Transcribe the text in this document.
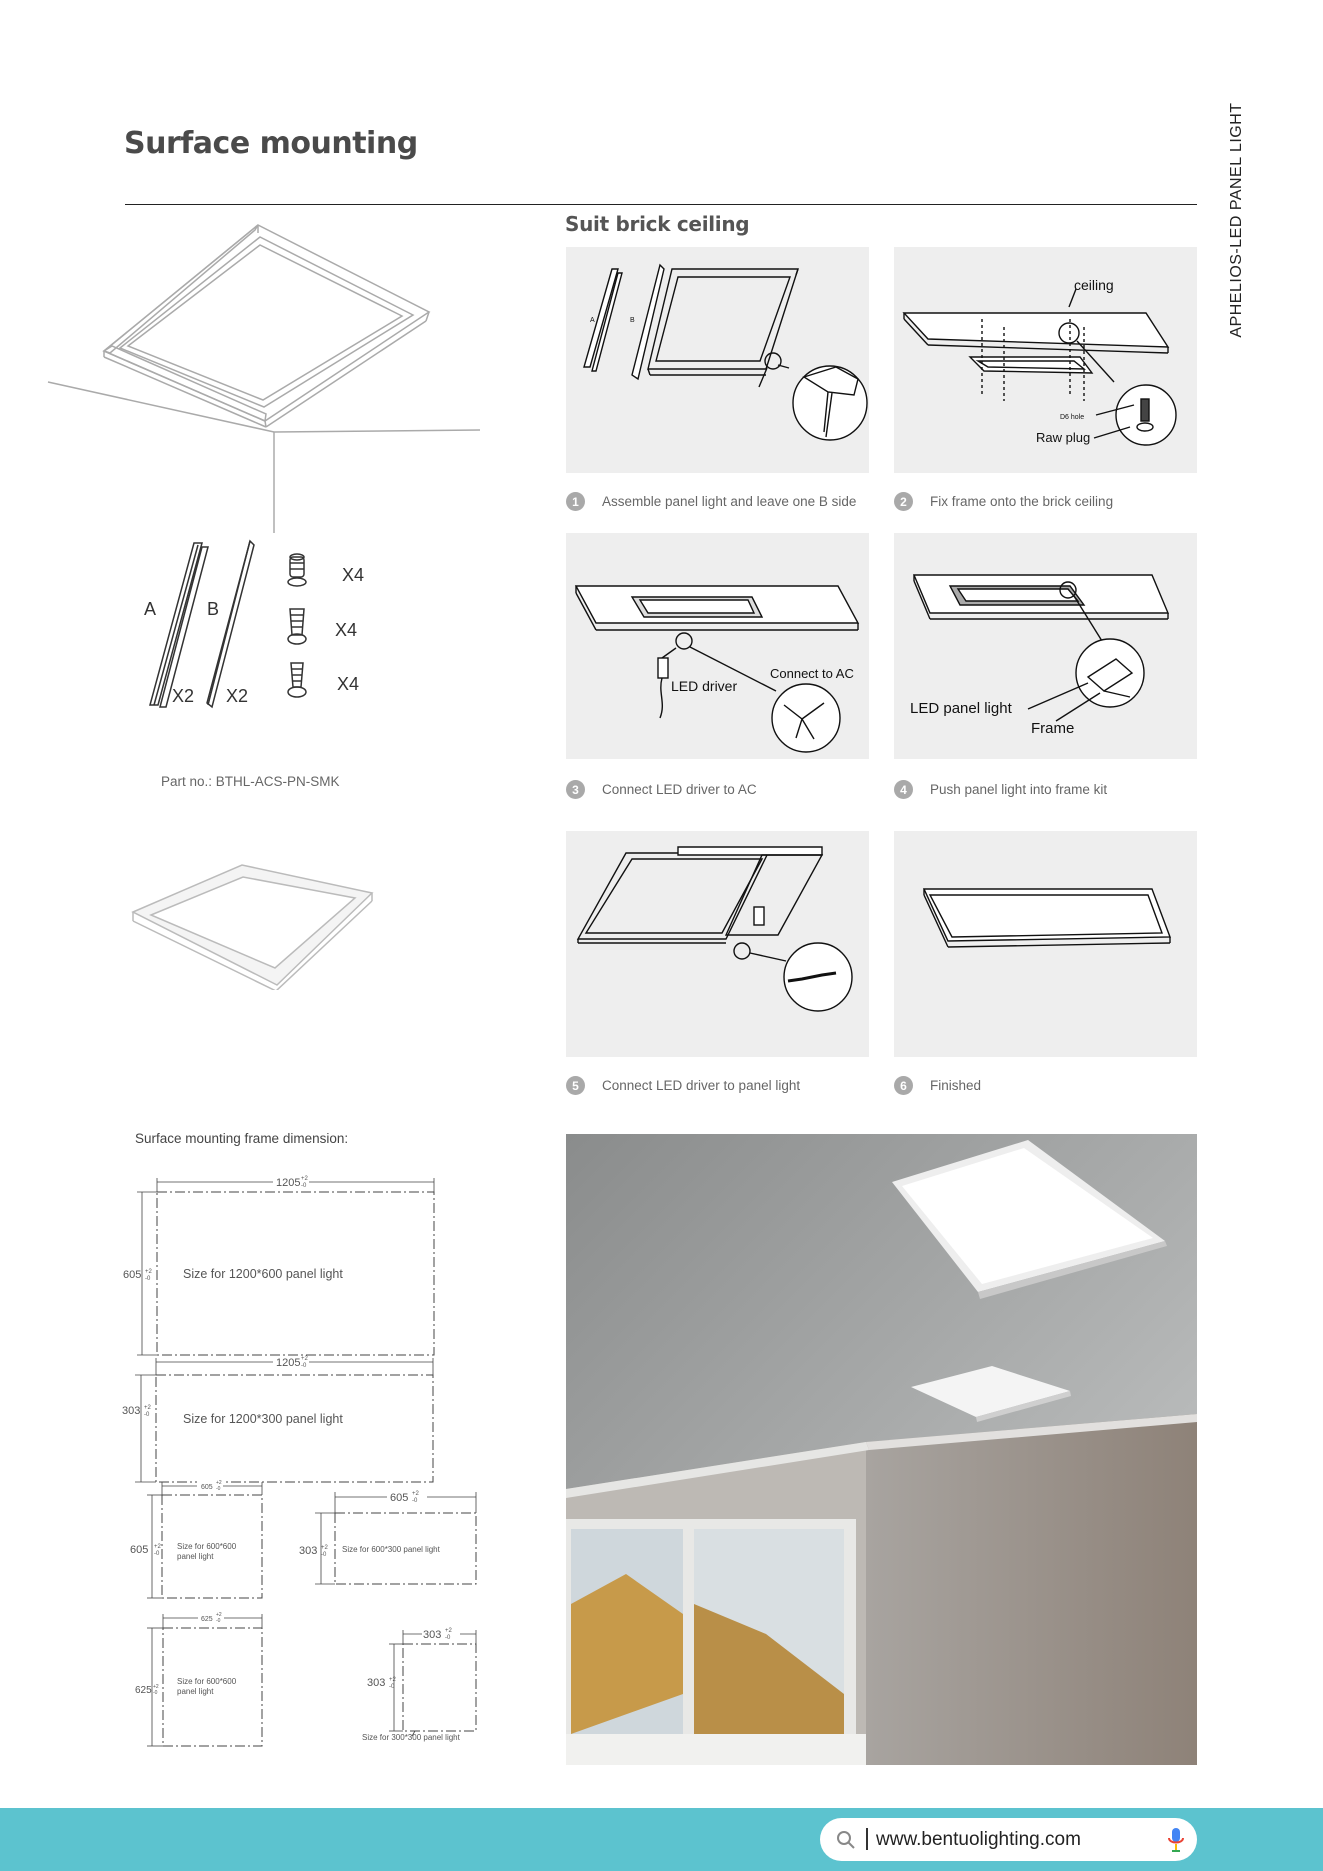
Surface mounting	APHELIOS-LED PANEL LIGHT
A	B
X2 X2
X4
X4
X4
Part no.: BTHL-ACS-PN-SMK
Suit brick ceiling
A	B
ceiling
D6 hole
Raw plug
1	Assemble panel light and leave one B side	2	Fix frame onto the brick ceiling
LED driver
Connect to AC
LED panel light
Frame
3	Connect LED driver to AC	4	Push panel light into frame kit
5	Connect LED driver to panel light	6	Finished
Surface mounting frame dimension:
1205 +2
-0
605 +2
-0	Size for 1200*600 panel light
1205 +2
-0
303 +2
-0	Size for 1200*300 panel light
605
+2
-0
605 +2
-0
Size for 600*600
panel light
605 +2
-0
303 +2
-0
Size for 600*300 panel light
625
+2
-0
625 +2
-0
Size for 600*600
panel light
303 +2
-0
303 +2
-0
Size for 300*300 panel light
www.bentuolighting.com
